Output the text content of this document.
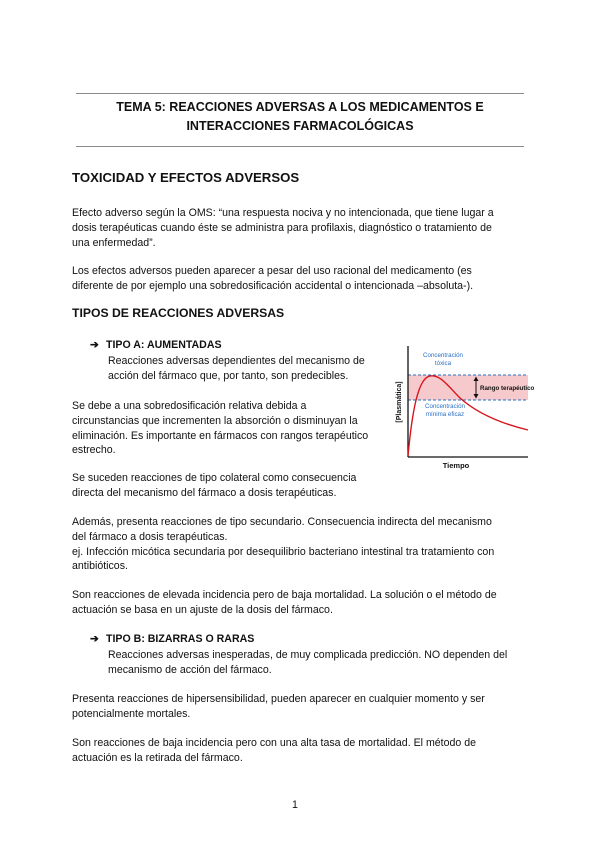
TEMA 5: REACCIONES ADVERSAS A LOS MEDICAMENTOS E
INTERACCIONES FARMACOLÓGICAS
TOXICIDAD Y EFECTOS ADVERSOS
Efecto adverso según la OMS: “una respuesta nociva y no intencionada, que tiene lugar a
dosis terapéuticas cuando éste se administra para profilaxis, diagnóstico o tratamiento de
una enfermedad”.
Los efectos adversos pueden aparecer a pesar del uso racional del medicamento (es
diferente de por ejemplo una sobredosificación accidental o intencionada –absoluta-).
TIPOS DE REACCIONES ADVERSAS
➔ TIPO A: AUMENTADAS
Reacciones adversas dependientes del mecanismo de
acción del fármaco que, por tanto, son predecibles.
Se debe a una sobredosificación relativa debida a
circunstancias que incrementen la absorción o disminuyan la
eliminación. Es importante en fármacos con rangos terapéutico
estrecho.
Se suceden reacciones de tipo colateral como consecuencia
directa del mecanismo del fármaco a dosis terapéuticas.
Además, presenta reacciones de tipo secundario. Consecuencia indirecta del mecanismo
del fármaco a dosis terapéuticas.
ej. Infección micótica secundaria por desequilibrio bacteriano intestinal tra tratamiento con
antibióticos.
Son reacciones de elevada incidencia pero de baja mortalidad. La solución o el método de
actuación se basa en un ajuste de la dosis del fármaco.
➔ TIPO B: BIZARRAS O RARAS
Reacciones adversas inesperadas, de muy complicada predicción. NO dependen del
mecanismo de acción del fármaco.
Presenta reacciones de hipersensibilidad, pueden aparecer en cualquier momento y ser
potencialmente mortales.
Son reacciones de baja incidencia pero con una alta tasa de mortalidad. El método de
actuación es la retirada del fármaco.
Rango terapéutico
Concentración
tóxica
Concentración
mínima eficaz
[Plasmática]
Tiempo
1
